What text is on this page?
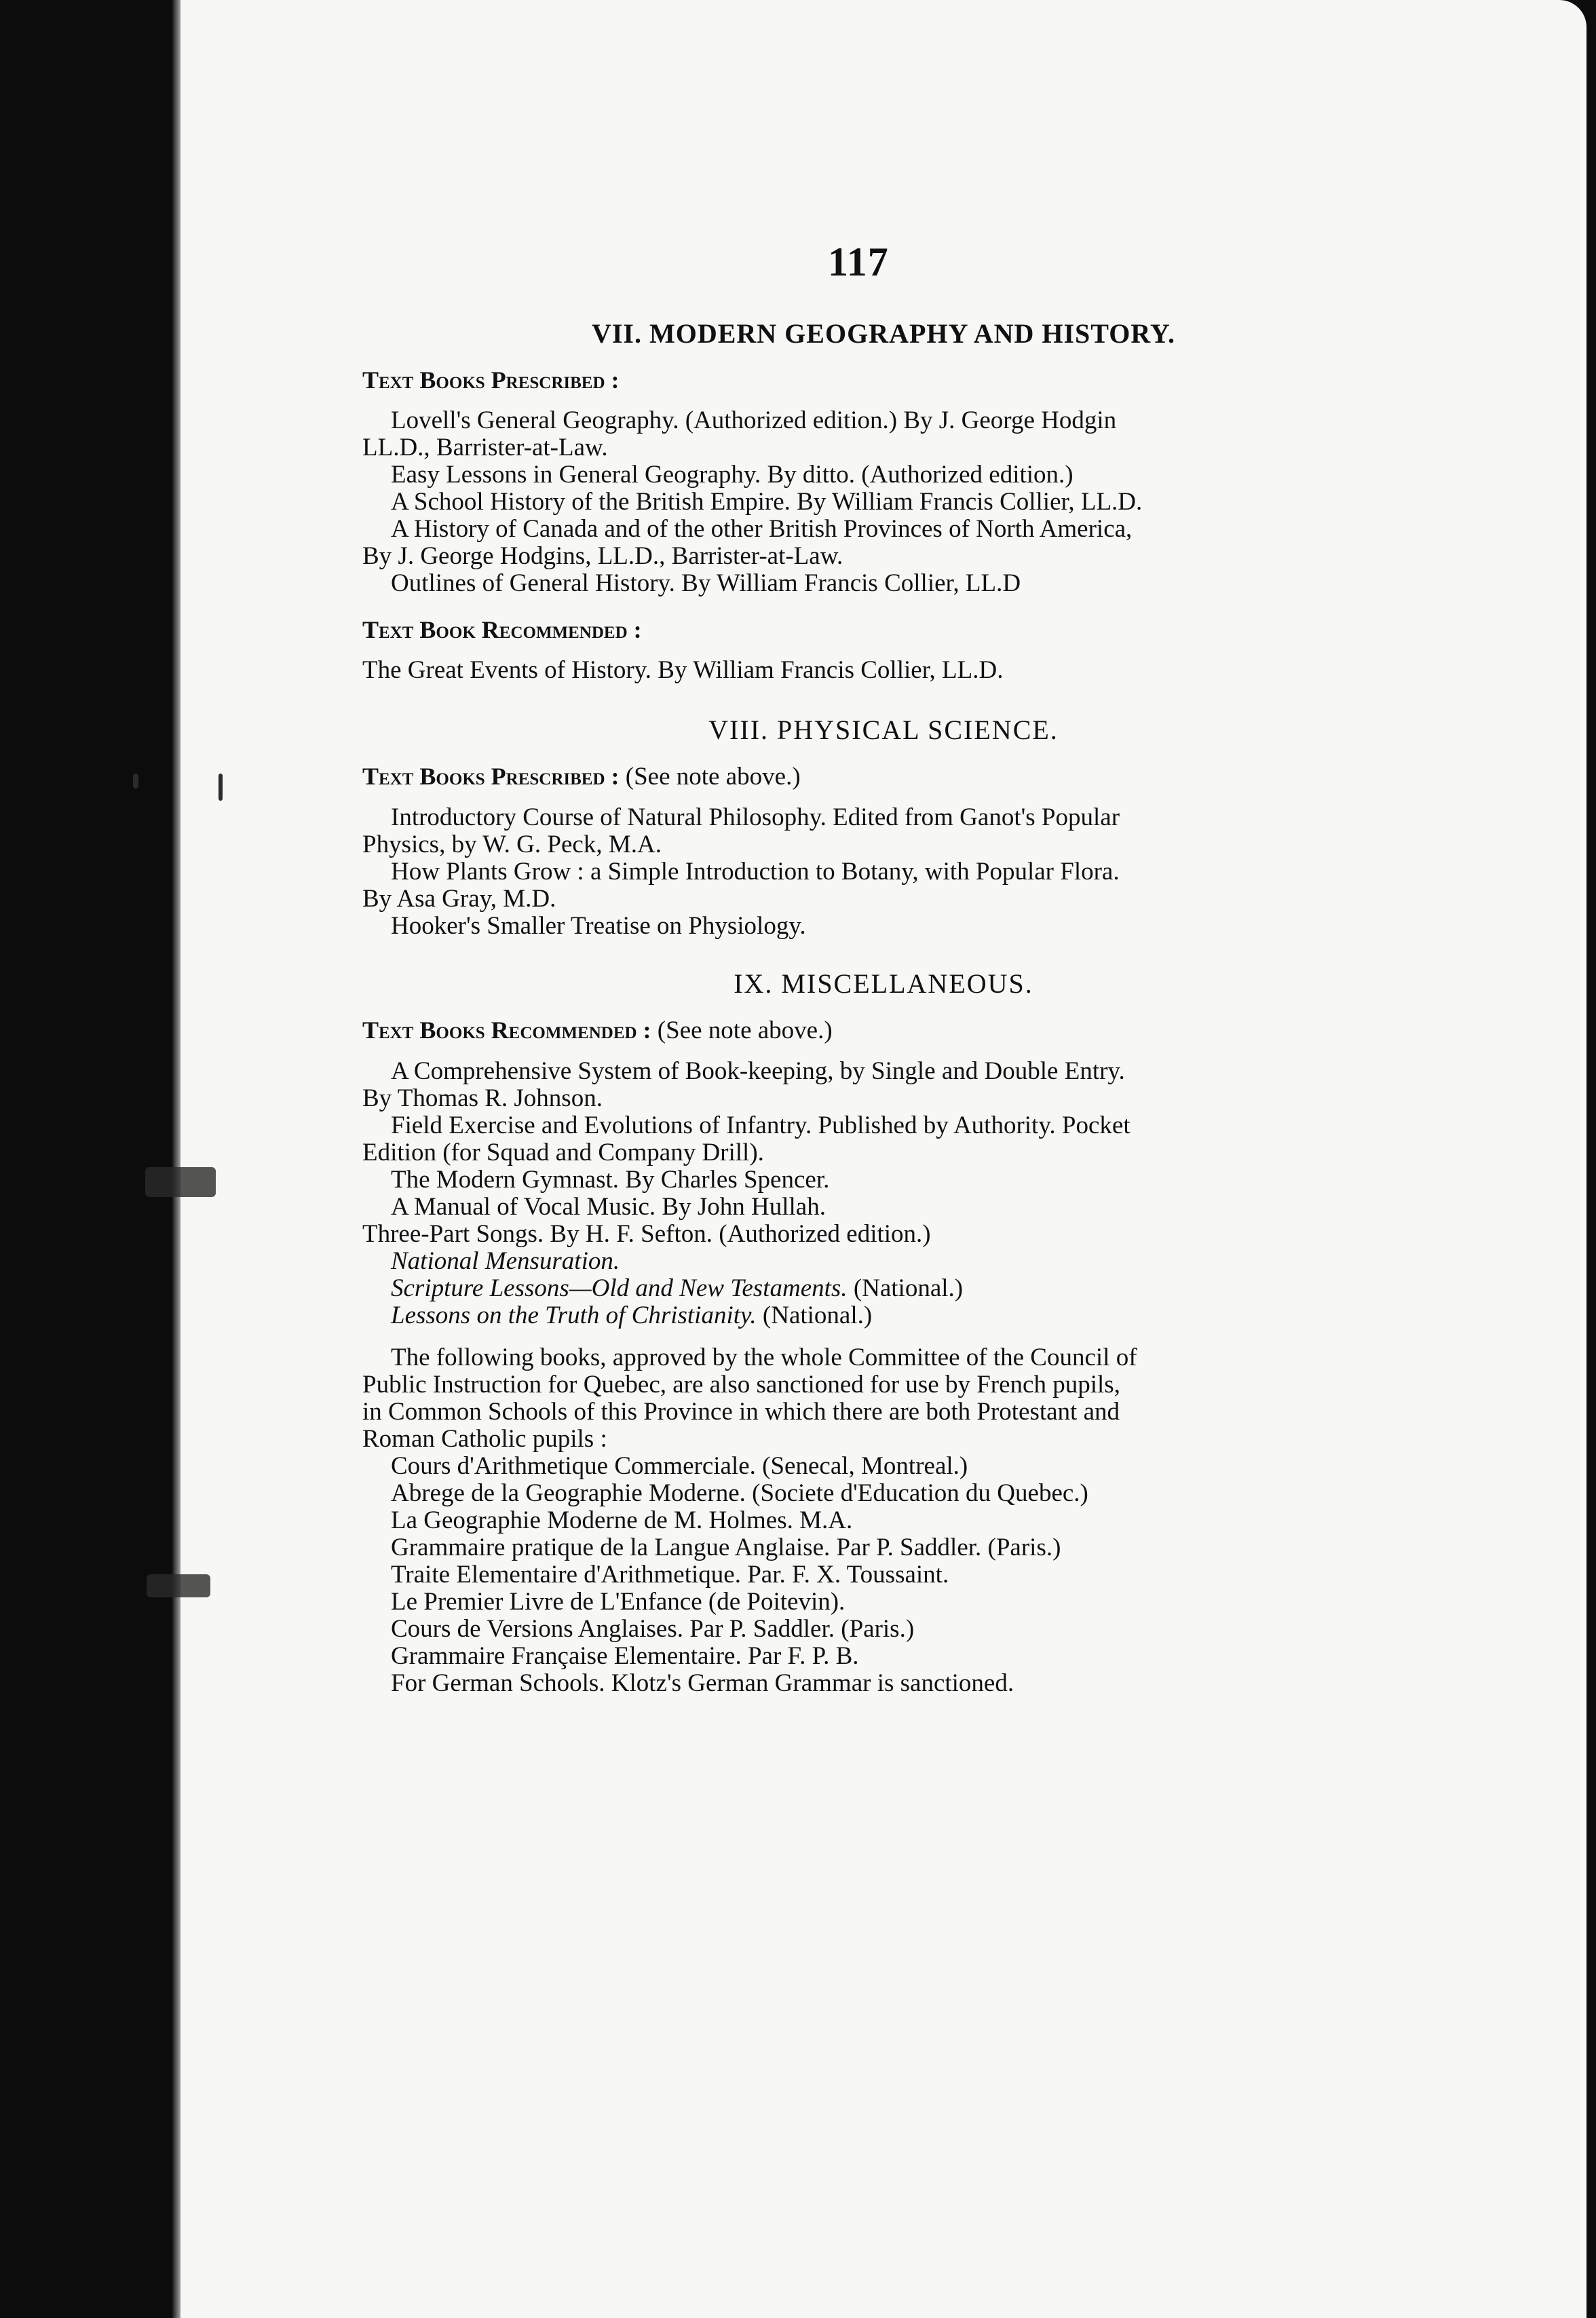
117
VII. MODERN GEOGRAPHY AND HISTORY.
Text Books Prescribed :
Lovell's General Geography. (Authorized edition.) By J. George Hodgin
LL.D., Barrister-at-Law.
Easy Lessons in General Geography. By ditto. (Authorized edition.)
A School History of the British Empire. By William Francis Collier, LL.D.
A History of Canada and of the other British Provinces of North America,
By J. George Hodgins, LL.D., Barrister-at-Law.
Outlines of General History. By William Francis Collier, LL.D
Text Book Recommended :
The Great Events of History. By William Francis Collier, LL.D.
VIII. PHYSICAL SCIENCE.
Text Books Prescribed : (See note above.)
Introductory Course of Natural Philosophy. Edited from Ganot's Popular
Physics, by W. G. Peck, M.A.
How Plants Grow : a Simple Introduction to Botany, with Popular Flora.
By Asa Gray, M.D.
Hooker's Smaller Treatise on Physiology.
IX. MISCELLANEOUS.
Text Books Recommended : (See note above.)
A Comprehensive System of Book-keeping, by Single and Double Entry.
By Thomas R. Johnson.
Field Exercise and Evolutions of Infantry. Published by Authority. Pocket
Edition (for Squad and Company Drill).
The Modern Gymnast. By Charles Spencer.
A Manual of Vocal Music. By John Hullah.
Three-Part Songs. By H. F. Sefton. (Authorized edition.)
National Mensuration.
Scripture Lessons—Old and New Testaments. (National.)
Lessons on the Truth of Christianity. (National.)
The following books, approved by the whole Committee of the Council of
Public Instruction for Quebec, are also sanctioned for use by French pupils,
in Common Schools of this Province in which there are both Protestant and
Roman Catholic pupils :
Cours d'Arithmetique Commerciale. (Senecal, Montreal.)
Abrege de la Geographie Moderne. (Societe d'Education du Quebec.)
La Geographie Moderne de M. Holmes. M.A.
Grammaire pratique de la Langue Anglaise. Par P. Saddler. (Paris.)
Traite Elementaire d'Arithmetique. Par. F. X. Toussaint.
Le Premier Livre de L'Enfance (de Poitevin).
Cours de Versions Anglaises. Par P. Saddler. (Paris.)
Grammaire Française Elementaire. Par F. P. B.
For German Schools. Klotz's German Grammar is sanctioned.
